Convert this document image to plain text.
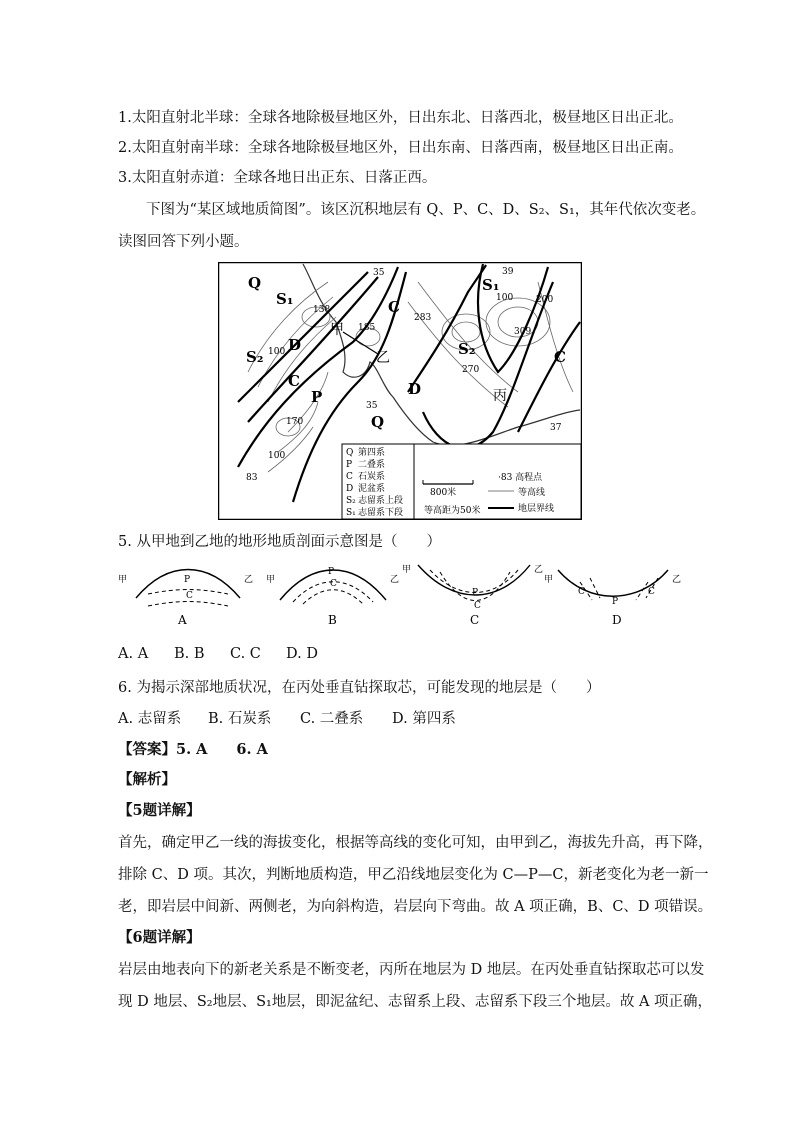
1.太阳直射北半球：全球各地除极昼地区外，日出东北、日落西北，极昼地区日出正北。
2.太阳直射南半球：全球各地除极昼地区外，日出东南、日落西南，极昼地区日出正南。
3.太阳直射赤道：全球各地日出正东、日落正西。
下图为“某区域地质简图”。该区沉积地层有 Q、P、C、D、S₂、S₁，其年代依次变老。
读图回答下列小题。
Q
S₁
S₂
D
C
P
Q
C
D
S₁
S₂	C
甲
乙
丙
35
138
185
100
170
100
83
35
283
39
100	200
309
270
37
Q 第四系
P 二叠系
C 石炭系
D 泥盆系
S₂ 志留系上段
S₁ 志留系下段
800米
·83 高程点
等高线
地层界线
等高距为50米
5. 从甲地到乙地的地形地质剖面示意图是（　　）
甲	乙 甲	乙
甲	乙
甲	乙
P
C
P
C
P
C
C
P
C
A	B	C	D
A. A B. B C. C D. D
6. 为揭示深部地质状况，在丙处垂直钻探取芯，可能发现的地层是（　　）
A. 志留系 B. 石炭系 C. 二叠系 D. 第四系
【答案】5. A　　6. A
【解析】
【5题详解】
首先，确定甲乙一线的海拔变化，根据等高线的变化可知，由甲到乙，海拔先升高，再下降，
排除 C、D 项。其次，判断地质构造，甲乙沿线地层变化为 C—P—C，新老变化为老一新一
老，即岩层中间新、两侧老，为向斜构造，岩层向下弯曲。故 A 项正确，B、C、D 项错误。
【6题详解】
岩层由地表向下的新老关系是不断变老，丙所在地层为 D 地层。在丙处垂直钻探取芯可以发
现 D 地层、S₂地层、S₁地层，即泥盆纪、志留系上段、志留系下段三个地层。故 A 项正确，
